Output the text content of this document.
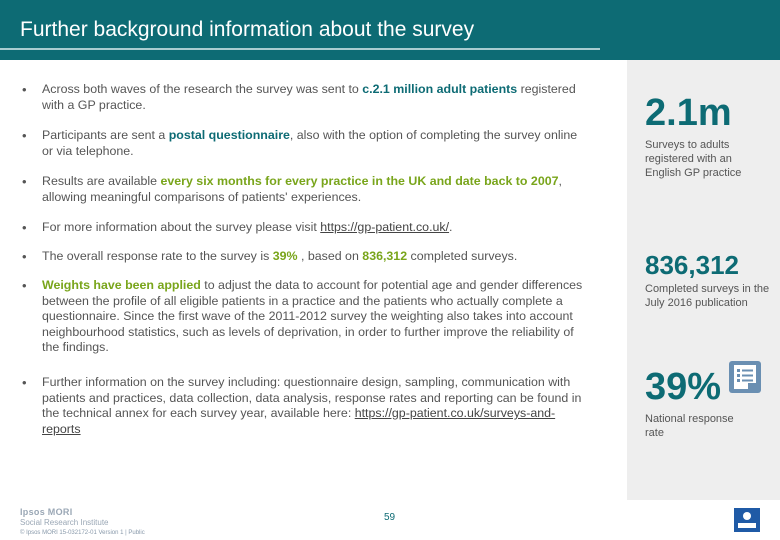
Further background information about the survey
• Across both waves of the research the survey was sent to c.2.1 million adult patients registered with a GP practice.
• Participants are sent a postal questionnaire, also with the option of completing the survey online or via telephone.
• Results are available every six months for every practice in the UK and date back to 2007, allowing meaningful comparisons of patients' experiences.
• For more information about the survey please visit https://gp-patient.co.uk/.
• The overall response rate to the survey is 39% , based on 836,312 completed surveys.
• Weights have been applied to adjust the data to account for potential age and gender differences between the profile of all eligible patients in a practice and the patients who actually complete a questionnaire. Since the first wave of the 2011-2012 survey the weighting also takes into account neighbourhood statistics, such as levels of deprivation, in order to further improve the reliability of the findings.
• Further information on the survey including: questionnaire design, sampling, communication with patients and practices, data collection, data analysis, response rates and reporting can be found in the technical annex for each survey year, available here: https://gp-patient.co.uk/surveys-and-reports
2.1m
Surveys to adults registered with an English GP practice
836,312
Completed surveys in the July 2016 publication
39%
National response rate
Ipsos MORI
Social Research Institute
© Ipsos MORI 15-032172-01 Version 1 | Public
59
